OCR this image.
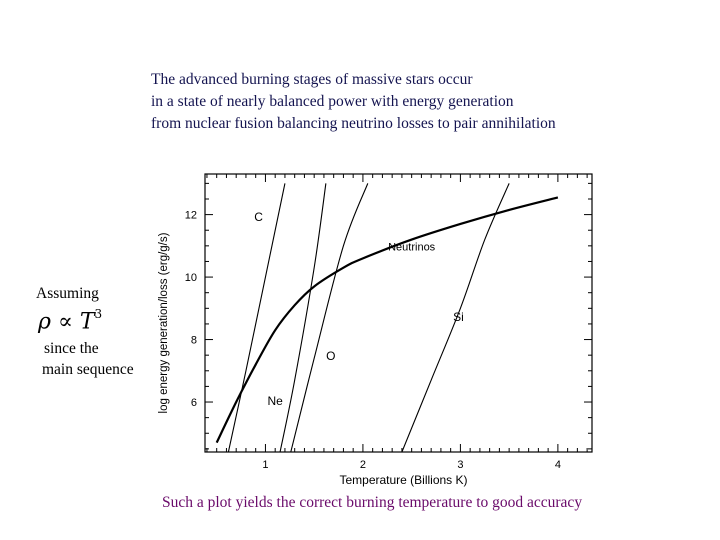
The advanced burning stages of massive stars occur
in a state of nearly balanced power with energy generation
from nuclear fusion balancing neutrino losses to pair annihilation
Assuming
$\rho \propto T^3$
since the
main sequence
1	2	3	4
6
8
10
12
Neutrinos
C
Ne
O
Si
Temperature (Billions K)
log energy generation/loss (erg/g/s)
Such a plot yields the correct burning temperature to good accuracy
